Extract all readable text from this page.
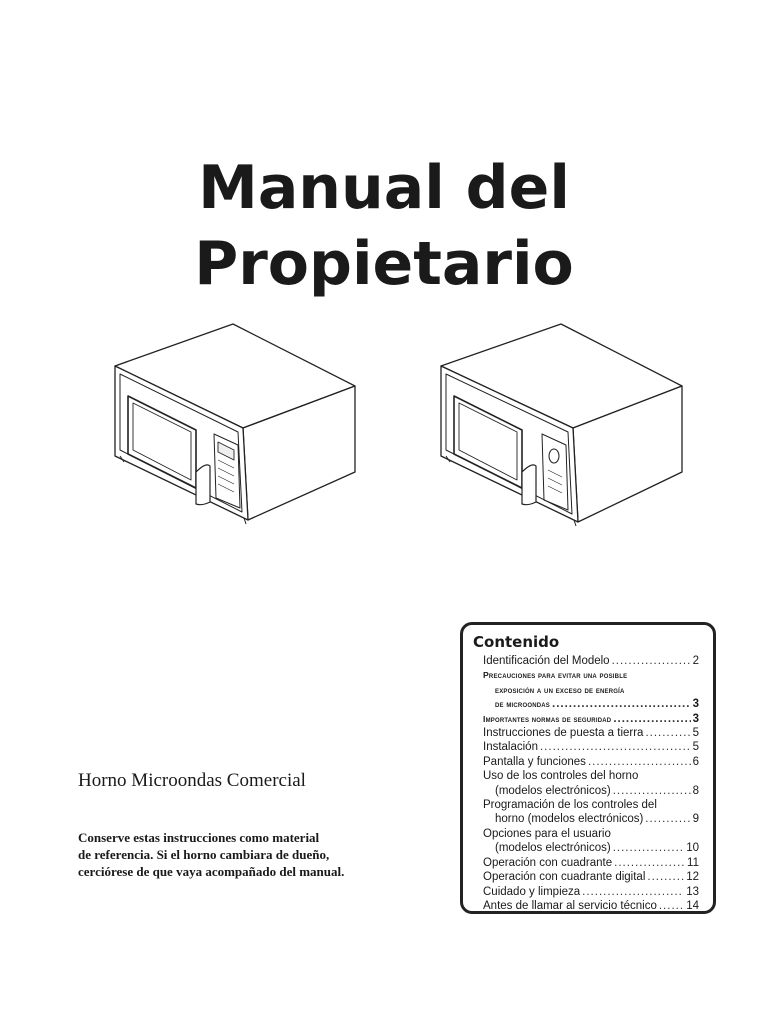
Manual del
Propietario
Horno Microondas Comercial
Conserve estas instrucciones como material
de referencia. Si el horno cambiara de dueño,
cerciórese de que vaya acompañado del manual.
Contenido
Identificación del Modelo .....	2
Precauciones para evitar una posible
exposición a un exceso de energía
de microondas .....	3
Importantes normas de seguridad .....	3
Instrucciones de puesta a tierra .....	5
Instalación .....	5
Pantalla y funciones .....	6
Uso de los controles del horno
(modelos electrónicos) .....	8
Programación de los controles del
horno (modelos electrónicos) .....	9
Opciones para el usuario
(modelos electrónicos) .....	10
Operación con cuadrante .....	11
Operación con cuadrante digital .....	12
Cuidado y limpieza .....	13
Antes de llamar al servicio técnico .....	14
